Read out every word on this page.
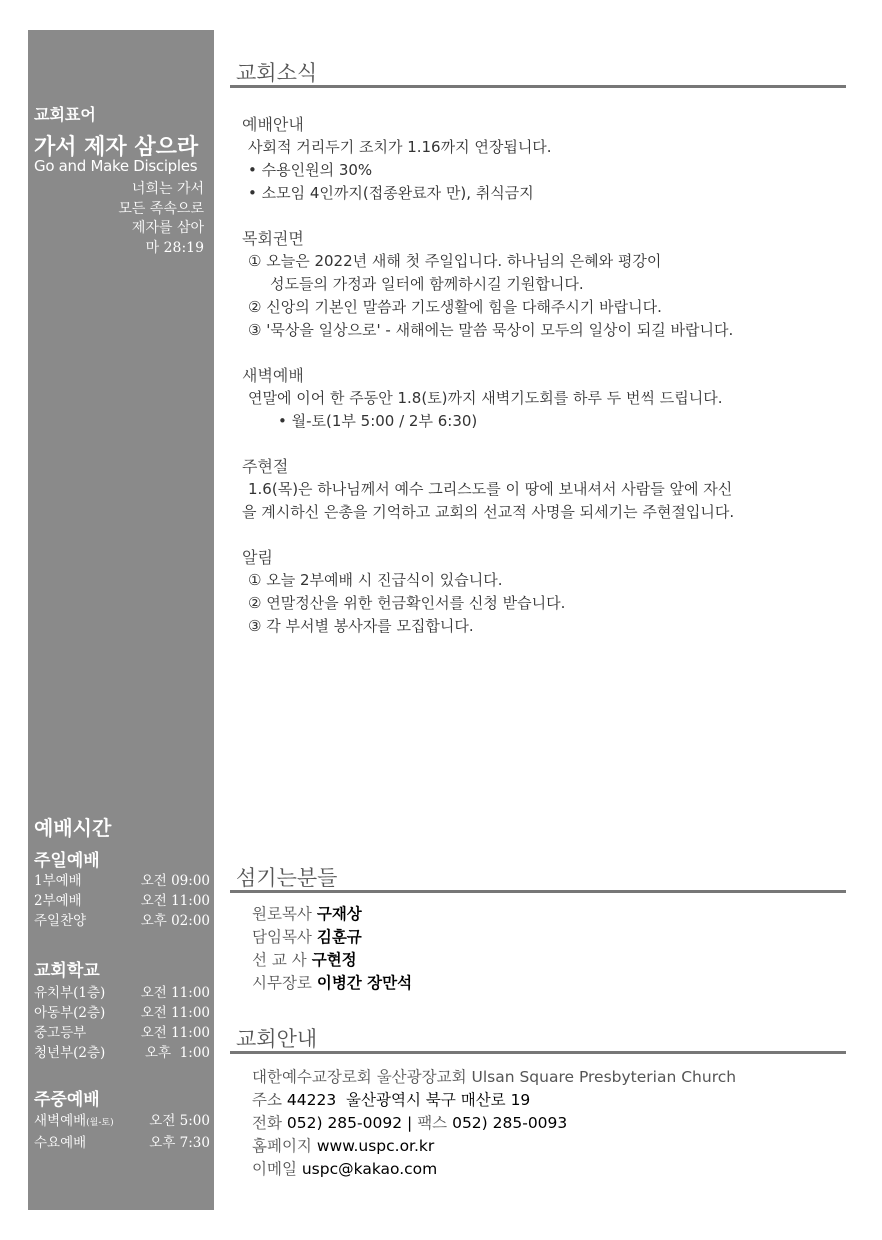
교회표어
가서 제자 삼으라
Go and Make Disciples
너희는 가서
모든 족속으로
제자를 삼아
마 28:19
예배시간
주일예배
1부예배	오전 09:00
2부예배	오전 11:00
주일찬양	오후 02:00
교회학교
유치부(1층)	오전 11:00
아동부(2층)	오전 11:00
중고등부	오전 11:00
청년부(2층)	오후  1:00
주중예배
새벽예배(월-토)	오전 5:00
수요예배	오후 7:30
교회소식
예배안내
사회적 거리두기 조치가 1.16까지 연장됩니다.
• 수용인원의 30%
• 소모임 4인까지(접종완료자 만), 취식금지
목회권면
① 오늘은 2022년 새해 첫 주일입니다. 하나님의 은혜와 평강이
성도들의 가정과 일터에 함께하시길 기원합니다.
② 신앙의 기본인 말씀과 기도생활에 힘을 다해주시기 바랍니다.
③ '묵상을 일상으로' - 새해에는 말씀 묵상이 모두의 일상이 되길 바랍니다.
새벽예배
연말에 이어 한 주동안 1.8(토)까지 새벽기도회를 하루 두 번씩 드립니다.
• 월-토(1부 5:00 / 2부 6:30)
주현절
1.6(목)은 하나님께서 예수 그리스도를 이 땅에 보내셔서 사람들 앞에 자신
을 계시하신 은총을 기억하고 교회의 선교적 사명을 되세기는 주현절입니다.
알림
① 오늘 2부예배 시 진급식이 있습니다.
② 연말정산을 위한 헌금확인서를 신청 받습니다.
③ 각 부서별 봉사자를 모집합니다.
섬기는분들
원로목사 구재상
담임목사 김훈규
선 교 사 구현정
시무장로 이병간 장만석
교회안내
대한예수교장로회 울산광장교회 Ulsan Square Presbyterian Church
주소 44223  울산광역시 북구 매산로 19
전화 052) 285-0092 | 팩스 052) 285-0093
홈페이지 www.uspc.or.kr
이메일 uspc@kakao.com
